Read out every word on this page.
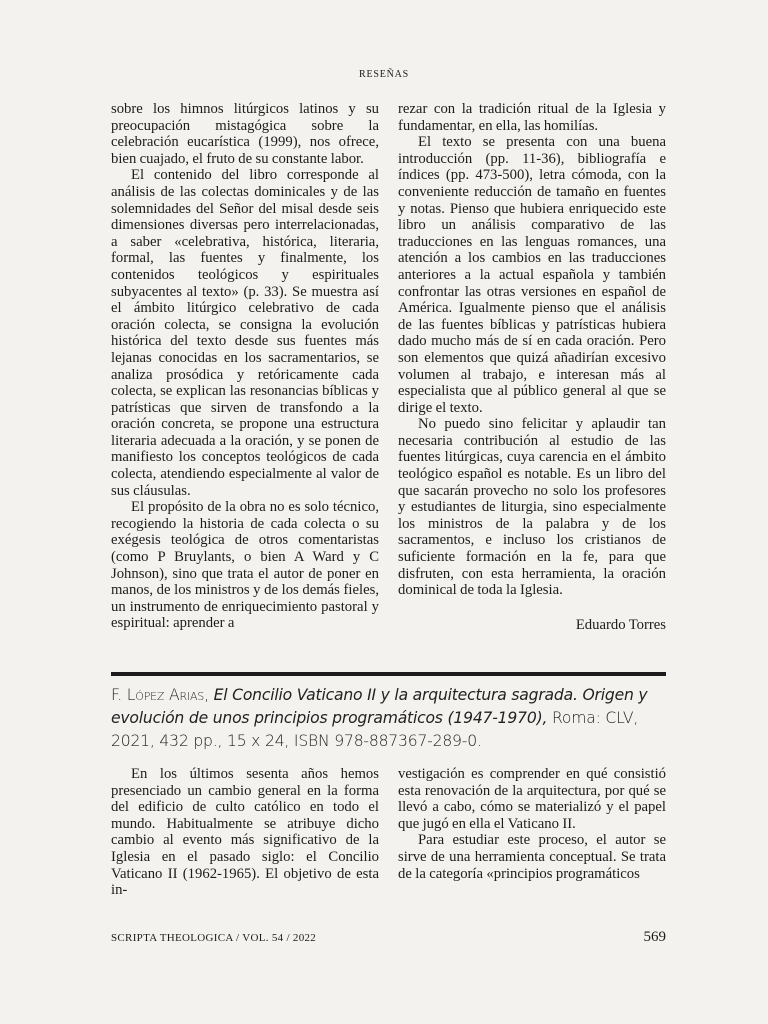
RESEÑAS

sobre los himnos litúrgicos latinos y su preocupación mistagógica sobre la celebración eucarística (1999), nos ofrece, bien cuajado, el fruto de su constante labor.

El contenido del libro corresponde al análisis de las colectas dominicales y de las solemnidades del Señor del misal desde seis dimensiones diversas pero interrelacionadas, a saber «celebrativa, histórica, literaria, formal, las fuentes y finalmente, los contenidos teológicos y espirituales subyacentes al texto» (p. 33). Se muestra así el ámbito litúrgico celebrativo de cada oración colecta, se consigna la evolución histórica del texto desde sus fuentes más lejanas conocidas en los sacramentarios, se analiza prosódica y retóricamente cada colecta, se explican las resonancias bíblicas y patrísticas que sirven de transfondo a la oración concreta, se propone una estructura literaria adecuada a la oración, y se ponen de manifiesto los conceptos teológicos de cada colecta, atendiendo especialmente al valor de sus cláusulas.

El propósito de la obra no es solo técnico, recogiendo la historia de cada colecta o su exégesis teológica de otros comentaristas (como P Bruylants, o bien A Ward y C Johnson), sino que trata el autor de poner en manos, de los ministros y de los demás fieles, un instrumento de enriquecimiento pastoral y espiritual: aprender a

rezar con la tradición ritual de la Iglesia y fundamentar, en ella, las homilías.

El texto se presenta con una buena introducción (pp. 11-36), bibliografía e índices (pp. 473-500), letra cómoda, con la conveniente reducción de tamaño en fuentes y notas. Pienso que hubiera enriquecido este libro un análisis comparativo de las traducciones en las lenguas romances, una atención a los cambios en las traducciones anteriores a la actual española y también confrontar las otras versiones en español de América. Igualmente pienso que el análisis de las fuentes bíblicas y patrísticas hubiera dado mucho más de sí en cada oración. Pero son elementos que quizá añadirían excesivo volumen al trabajo, e interesan más al especialista que al público general al que se dirige el texto.

No puedo sino felicitar y aplaudir tan necesaria contribución al estudio de las fuentes litúrgicas, cuya carencia en el ámbito teológico español es notable. Es un libro del que sacarán provecho no solo los profesores y estudiantes de liturgia, sino especialmente los ministros de la palabra y de los sacramentos, e incluso los cristianos de suficiente formación en la fe, para que disfruten, con esta herramienta, la oración dominical de toda la Iglesia.

Eduardo Torres

F. López Arias, El Concilio Vaticano II y la arquitectura sagrada. Origen y evolución de unos principios programáticos (1947-1970), Roma: CLV, 2021, 432 pp., 15 x 24, ISBN 978-887367-289-0.

En los últimos sesenta años hemos presenciado un cambio general en la forma del edificio de culto católico en todo el mundo. Habitualmente se atribuye dicho cambio al evento más significativo de la Iglesia en el pasado siglo: el Concilio Vaticano II (1962-1965). El objetivo de esta in-

vestigación es comprender en qué consistió esta renovación de la arquitectura, por qué se llevó a cabo, cómo se materializó y el papel que jugó en ella el Vaticano II.

Para estudiar este proceso, el autor se sirve de una herramienta conceptual. Se trata de la categoría «principios programáticos

SCRIPTA THEOLOGICA / VOL. 54 / 2022	569
